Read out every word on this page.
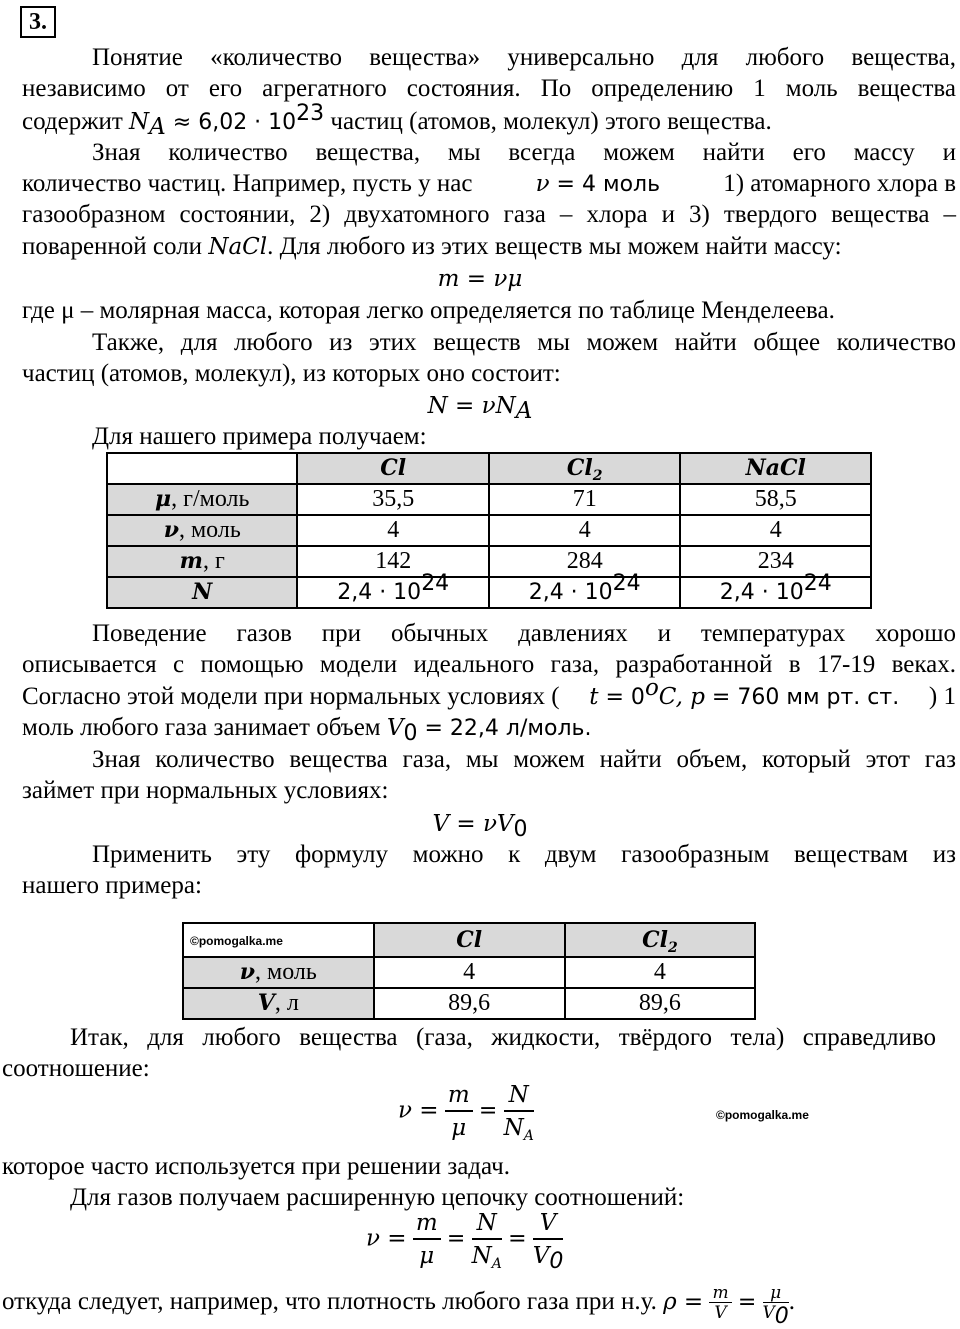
3.
Понятие «количество вещества» универсально для любого вещества,
независимо от его агрегатного состояния. По определению 1 моль вещества
содержит $N_A \approx 6,02 \cdot 10^{23}$ частиц (атомов, молекул) этого вещества.
Зная количество вещества, мы всегда можем найти его массу и
количество частиц. Например, пусть у нас	ν = 4 моль	1) атомарного хлора в
газообразном состоянии, 2) двухатомного газа – хлора и 3) твердого вещества –
поваренной соли NaCl. Для любого из этих веществ мы можем найти массу:
m = νμ
где μ – молярная масса, которая легко определяется по таблице Менделеева.
Также, для любого из этих веществ мы можем найти общее количество
частиц (атомов, молекул), из которых оно состоит:
$N = \nu N_A$
Для нашего примера получаем:
	Cl	$Cl_2$	NaCl
μ, г/моль	35,5	71	58,5
ν, моль	4	4	4
m, г	142	284	234
N	$2,4 \cdot 10^{24}$	$2,4 \cdot 10^{24}$	$2,4 \cdot 10^{24}$
Поведение газов при обычных давлениях и температурах хорошо
описывается с помощью модели идеального газа, разработанной в 17-19 веках.
Согласно этой модели при нормальных условиях ( $t = 0^oC$, p = 760 мм рт. ст. ) 1
моль любого газа занимает объем $V_0 = 22,4$ л/моль.
Зная количество вещества газа, мы можем найти объем, который этот газ
займет при нормальных условиях:
$V = \nu V_0$
Применить эту формулу можно к двум газообразным веществам из
нашего примера:
©pomogalka.me	Cl	$Cl_2$
ν, моль	4	4
V, л	89,6	89,6
Итак, для любого вещества (газа, жидкости, твёрдого тела) справедливо
соотношение:
$\nu = \frac{m}{\mu} = \frac{N}{N_A}$	©pomogalka.me
которое часто используется при решении задач.
Для газов получаем расширенную цепочку соотношений:
$\nu = \frac{m}{\mu} = \frac{N}{N_A} = \frac{V}{V_0}$
откуда следует, например, что плотность любого газа при н.у. $\rho = \frac{m}{V} = \frac{\mu}{V_0}$ .
